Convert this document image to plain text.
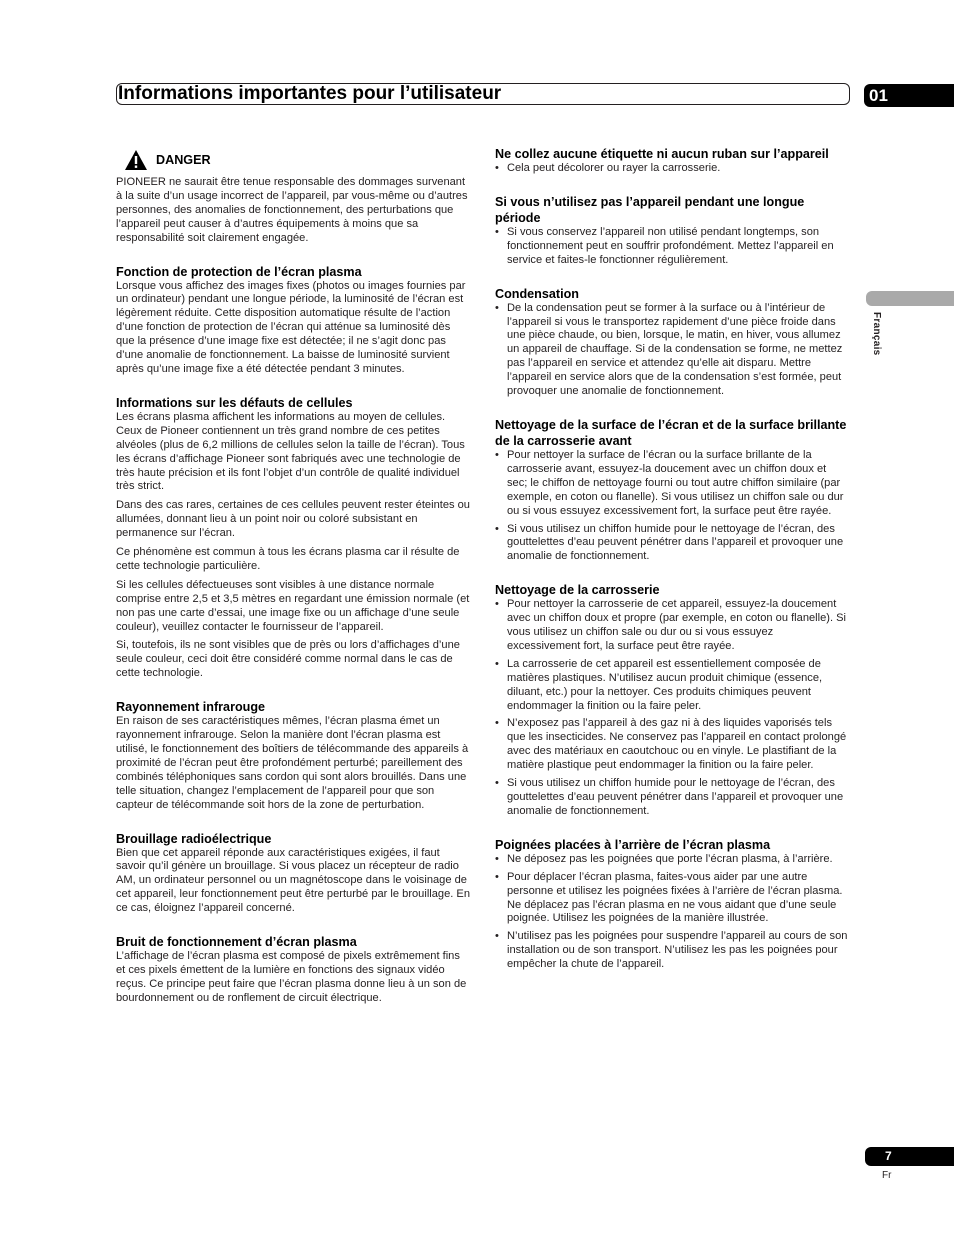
Informations importantes pour l’utilisateur	01
Français
DANGER

PIONEER ne saurait être tenue responsable des dommages survenant à la suite d’un usage incorrect de l’appareil, par vous-même ou d’autres personnes, des anomalies de fonctionnement, des perturbations que l’appareil peut causer à d’autres équipements à moins que sa responsabilité soit clairement engagée.

Fonction de protection de l’écran plasma

Lorsque vous affichez des images fixes (photos ou images fournies par un ordinateur) pendant une longue période, la luminosité de l’écran est légèrement réduite. Cette disposition automatique résulte de l’action d’une fonction de protection de l’écran qui atténue sa luminosité dès que la présence d’une image fixe est détectée; il ne s’agit donc pas d’une anomalie de fonctionnement. La baisse de luminosité survient après qu’une image fixe a été détectée pendant 3 minutes.

Informations sur les défauts de cellules

Les écrans plasma affichent les informations au moyen de cellules. Ceux de Pioneer contiennent un très grand nombre de ces petites alvéoles (plus de 6,2 millions de cellules selon la taille de l’écran). Tous les écrans d’affichage Pioneer sont fabriqués avec une technologie de très haute précision et ils font l’objet d’un contrôle de qualité individuel très strict.

Dans des cas rares, certaines de ces cellules peuvent rester éteintes ou allumées, donnant lieu à un point noir ou coloré subsistant en permanence sur l’écran.

Ce phénomène est commun à tous les écrans plasma car il résulte de cette technologie particulière.

Si les cellules défectueuses sont visibles à une distance normale comprise entre 2,5 et 3,5 mètres en regardant une émission normale (et non pas une carte d’essai, une image fixe ou un affichage d’une seule couleur), veuillez contacter le fournisseur de l’appareil.

Si, toutefois, ils ne sont visibles que de près ou lors d’affichages d’une seule couleur, ceci doit être considéré comme normal dans le cas de cette technologie.

Rayonnement infrarouge

En raison de ses caractéristiques mêmes, l’écran plasma émet un rayonnement infrarouge. Selon la manière dont l’écran plasma est utilisé, le fonctionnement des boîtiers de télécommande des appareils à proximité de l’écran peut être profondément perturbé; pareillement des combinés téléphoniques sans cordon qui sont alors brouillés. Dans une telle situation, changez l’emplacement de l’appareil pour que son capteur de télécommande soit hors de la zone de perturbation.

Brouillage radioélectrique

Bien que cet appareil réponde aux caractéristiques exigées, il faut savoir qu’il génère un brouillage. Si vous placez un récepteur de radio AM, un ordinateur personnel ou un magnétoscope dans le voisinage de cet appareil, leur fonctionnement peut être perturbé par le brouillage. En ce cas, éloignez l’appareil concerné.

Bruit de fonctionnement d’écran plasma

L’affichage de l’écran plasma est composé de pixels extrêmement fins et ces pixels émettent de la lumière en fonctions des signaux vidéo reçus. Ce principe peut faire que l’écran plasma donne lieu à un son de bourdonnement ou de ronflement de circuit électrique.

Ne collez aucune étiquette ni aucun ruban sur l’appareil
• Cela peut décolorer ou rayer la carrosserie.
Si vous n’utilisez pas l’appareil pendant une longue période
• Si vous conservez l’appareil non utilisé pendant longtemps, son fonctionnement peut en souffrir profondément. Mettez l’appareil en service et faites-le fonctionner régulièrement.
Condensation
• De la condensation peut se former à la surface ou à l’intérieur de l’appareil si vous le transportez rapidement d’une pièce froide dans une pièce chaude, ou bien, lorsque, le matin, en hiver, vous allumez un appareil de chauffage. Si de la condensation se forme, ne mettez pas l’appareil en service et attendez qu’elle ait disparu. Mettre l’appareil en service alors que de la condensation s’est formée, peut provoquer une anomalie de fonctionnement.
Nettoyage de la surface de l’écran et de la surface brillante de la carrosserie avant
• Pour nettoyer la surface de l’écran ou la surface brillante de la carrosserie avant, essuyez-la doucement avec un chiffon doux et sec; le chiffon de nettoyage fourni ou tout autre chiffon similaire (par exemple, en coton ou flanelle). Si vous utilisez un chiffon sale ou dur ou si vous essuyez excessivement fort, la surface peut être rayée.
• Si vous utilisez un chiffon humide pour le nettoyage de l’écran, des gouttelettes d’eau peuvent pénétrer dans l’appareil et provoquer une anomalie de fonctionnement.
Nettoyage de la carrosserie
• Pour nettoyer la carrosserie de cet appareil, essuyez-la doucement avec un chiffon doux et propre (par exemple, en coton ou flanelle). Si vous utilisez un chiffon sale ou dur ou si vous essuyez excessivement fort, la surface peut être rayée.
• La carrosserie de cet appareil est essentiellement composée de matières plastiques. N’utilisez aucun produit chimique (essence, diluant, etc.) pour la nettoyer. Ces produits chimiques peuvent endommager la finition ou la faire peler.
• N’exposez pas l’appareil à des gaz ni à des liquides vaporisés tels que les insecticides. Ne conservez pas l’appareil en contact prolongé avec des matériaux en caoutchouc ou en vinyle. Le plastifiant de la matière plastique peut endommager la finition ou la faire peler.
• Si vous utilisez un chiffon humide pour le nettoyage de l’écran, des gouttelettes d’eau peuvent pénétrer dans l’appareil et provoquer une anomalie de fonctionnement.
Poignées placées à l’arrière de l’écran plasma
• Ne déposez pas les poignées que porte l’écran plasma, à l’arrière.
• Pour déplacer l’écran plasma, faites-vous aider par une autre personne et utilisez les poignées fixées à l’arrière de l’écran plasma. Ne déplacez pas l’écran plasma en ne vous aidant que d’une seule poignée. Utilisez les poignées de la manière illustrée.
• N’utilisez pas les poignées pour suspendre l’appareil au cours de son installation ou de son transport. N’utilisez les pas les poignées pour empêcher la chute de l’appareil.
7
Fr
